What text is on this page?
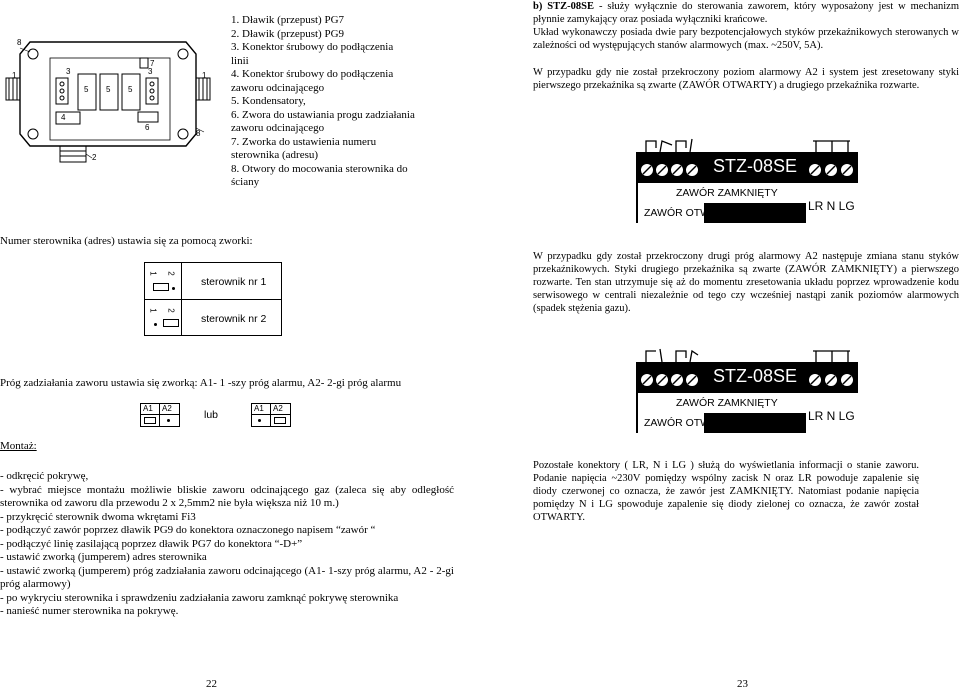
8
1	1
2
3	3
4
5 5 5
6
7
8
1. Dławik (przepust) PG7
2. Dławik (przepust) PG9
3. Konektor śrubowy do podłączenia
linii
4. Konektor śrubowy do podłączenia
zaworu odcinającego
5. Kondensatory,
6. Zwora do ustawiania progu zadziałania
zaworu odcinającego
7. Zworka do ustawienia numeru
sterownika (adresu)
8. Otwory do mocowania sterownika do
ściany
Numer sterownika (adres) ustawia się za pomocą zworki:
1 2
sterownik nr 1
1 2
sterownik nr 2
Próg zadziałania zaworu ustawia się zworką: A1- 1 -szy próg alarmu, A2- 2-gi próg alarmu
A1 A2
lub
A1 A2
Montaż:
- odkręcić pokrywę,
- wybrać miejsce montażu możliwie bliskie zaworu odcinającego gaz (zaleca się aby odległość sterownika od zaworu dla przewodu 2 x 2,5mm2 nie była większa niż 10 m.)
- przykręcić sterownik dwoma wkrętami Fi3
- podłączyć zawór poprzez dławik PG9 do konektora oznaczonego napisem “zawór “
- podłączyć linię zasilającą poprzez dławik PG7 do konektora “-D+”
- ustawić zworką (jumperem) adres sterownika
- ustawić zworką (jumperem) próg zadziałania zaworu odcinającego (A1- 1-szy próg alarmu, A2 - 2-gi próg alarmowy)
- po wykryciu sterownika i sprawdzeniu zadziałania zaworu zamknąć pokrywę sterownika
- nanieść numer sterownika na pokrywę.
22
b) STZ-08SE - służy wyłącznie do sterowania zaworem, który wyposażony jest w mechanizm płynnie zamykający oraz posiada wyłączniki krańcowe.
Układ wykonawczy posiada dwie pary bezpotencjałowych styków przekaźnikowych sterowanych w zależności od występujących stanów alarmowych (max. ~250V, 5A).
W przypadku gdy nie został przekroczony poziom alarmowy A2 i system jest zresetowany styki pierwszego przekaźnika są zwarte (ZAWÓR OTWARTY) a drugiego przekaźnika rozwarte.
STZ-08SE
ZAWÓR ZAMKNIĘTY
ZAWÓR OTWARTY	LR N LG
W przypadku gdy został przekroczony drugi próg alarmowy A2 następuje zmiana stanu styków przekaźnikowych. Styki drugiego przekaźnika są zwarte (ZAWÓR ZAMKNIĘTY) a pierwszego rozwarte. Ten stan utrzymuje się aż do momentu zresetowania układu poprzez wprowadzenie kodu serwisowego w centrali niezależnie od tego czy wcześniej nastąpi zanik poziomów alarmowych (spadek stężenia gazu).
STZ-08SE
ZAWÓR ZAMKNIĘTY
ZAWÓR OTWARTY	LR N LG
Pozostałe konektory ( LR, N i LG ) służą do wyświetlania informacji o stanie zaworu. Podanie napięcia ~230V pomiędzy wspólny zacisk N oraz LR powoduje zapalenie się diody czerwonej co oznacza, że zawór jest ZAMKNIĘTY. Natomiast podanie napięcia pomiędzy N i LG spowoduje zapalenie się diody zielonej co oznacza, że zawór został OTWARTY.
23
